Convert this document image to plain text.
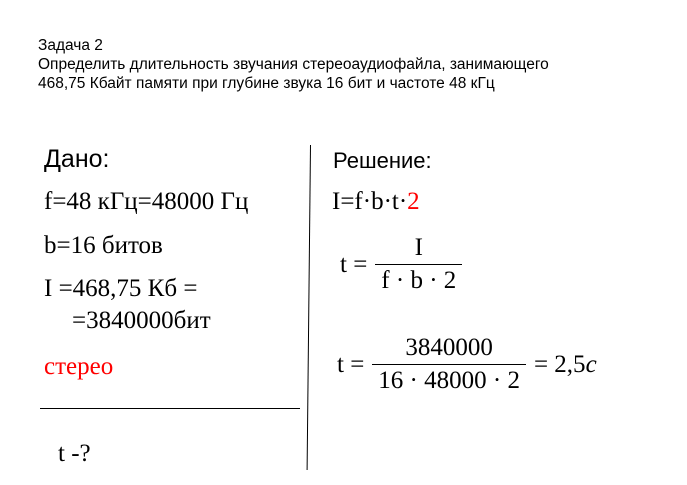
Задача 2
Определить длительность звучания стереоаудиофайла, занимающего
468,75 Кбайт памяти при глубине звука 16 бит и частоте 48 кГц
Дано:
f=48 кГц=48000 Гц
b=16 битов
I =468,75 Кб =
=3840000бит
стерео
t -?
Решение:
I=f·b·t·2
$t = \frac{I}{f \cdot b \cdot 2}$
$t = \frac{3840000}{16 \cdot 48000 \cdot 2} = 2,5$ c
